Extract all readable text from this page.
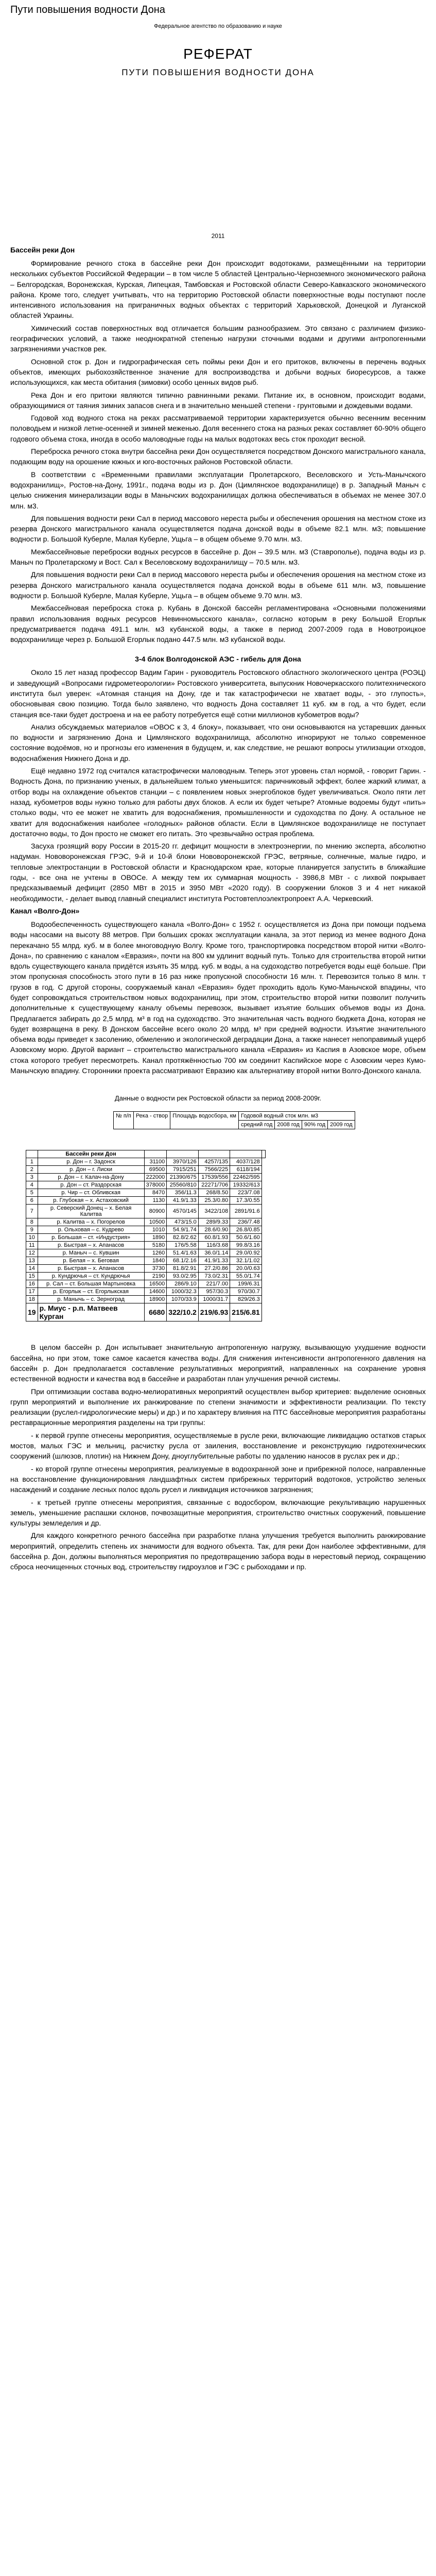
Пути повышения водности Дона
Федеральное агентство по образованию и науке
РЕФЕРАТ
ПУТИ ПОВЫШЕНИЯ ВОДНОСТИ ДОНА
2011
Бассейн реки Дон

Формирование речного стока в бассейне реки Дон происходит водотоками, размещёнными на территории нескольких субъектов Российской Федерации – в том числе 5 областей Центрально-Черноземного экономического района – Белгородская, Воронежская, Курская, Липецкая, Тамбовская и Ростовской области Северо-Кавказского экономического района. Кроме того, следует учитывать, что на территорию Ростовской области поверхностные воды поступают после интенсивного использования на приграничных водных объектах с территорий Харьковской, Донецкой и Луганской областей Украины.

Химический состав поверхностных вод отличается большим разнообразием. Это связано с различием физико-географических условий, а также неоднократной степенью нагрузки сточными водами и другими антропогенными загрязнениями участков рек.

Основной сток р. Дон и гидрографическая сеть поймы реки Дон и его притоков, включены в перечень водных объектов, имеющих рыбохозяйственное значение для воспроизводства и добычи водных биоресурсов, а также использующихся, как места обитания (зимовки) особо ценных видов рыб.

Река Дон и его притоки являются типично равнинными реками. Питание их, в основном, происходит водами, образующимися от таяния зимних запасов снега и в значительно меньшей степени - грунтовыми и дождевыми водами.

Годовой ход водного стока на реках рассматриваемой территории характеризуется обычно весенним весенним половодьем и низкой летне-осенней и зимней меженью. Доля весеннего стока на разных реках составляет 60-90% общего годового объема стока, иногда в особо маловодные годы на малых водотоках весь сток проходит весной.

Переброска речного стока внутри бассейна реки Дон осуществляется посредством Донского магистрального канала, подающим воду на орошение южных и юго-восточных районов Ростовской области.

В соответствии с «Временными правилами эксплуатации Пролетарского, Веселовского и Усть-Манычского водохранилищ», Ростов-на-Дону, 1991г., подача воды из р. Дон (Цимлянское водохранилище) в р. Западный Маныч с целью снижения минерализации воды в Манычских водохранилищах должна обеспечиваться в объемах не менее 307.0 млн. м3.

Для повышения водности реки Сал в период массового нереста рыбы и обеспечения орошения на местном стоке из резерва Донского магистрального канала осуществляется подача донской воды в объеме 82.1 млн. м3; повышение водности р. Большой Куберле, Малая Куберле, Ущьга – в общем объеме 9.70 млн. м3.

Межбассейновые переброски водных ресурсов в бассейне р. Дон – 39.5 млн. м3 (Ставрополье), подача воды из р. Маныч по Пролетарскому и Вост. Сал к Веселовскому водохранилищу – 70.5 млн. м3.

Для повышения водности реки Сал в период массового нереста рыбы и обеспечения орошения на местном стоке из резерва Донского магистрального канала осуществляется подача донской воды в объеме 611 млн. м3, повышение водности р. Большой Куберле, Малая Куберле, Ущьга – в общем объеме 9.70 млн. м3.

Межбассейновая переброска стока р. Кубань в Донской бассейн регламентирована «Основными положениями правил использования водных ресурсов Невинномысского канала», согласно которым в реку Большой Егорлык предусматривается подача 491.1 млн. м3 кубанской воды, а также в период 2007-2009 года в Новотроицкое водохранилище через р. Большой Егорлык подано 447.5 млн. м3 кубанской воды.

3-4 блок Волгодонской АЭС - гибель для Дона

Около 15 лет назад профессор Вадим Гарин - руководитель Ростовского областного экологического центра (РОЭЦ) и заведующий «Вопросами гидрометеорологии» Ростовского университета, выпускник Новочеркасского политехнического института был уверен: «Атомная станция на Дону, где и так катастрофически не хватает воды, - это глупость», обосновывая свою позицию. Тогда было заявлено, что водность Дона составляет 11 куб. км в год, а что будет, если станция все-таки будет достроена и на ее работу потребуется ещё сотни миллионов кубометров воды?

Анализ обсуждаемых материалов «ОВОС к 3, 4 блоку», показывает, что они основываются на устаревших данных по водности и загрязнению Дона и Цимлянского водохранилища, абсолютно игнорируют не только современное состояние водоёмов, но и прогнозы его изменения в будущем, и, как следствие, не решают вопросы утилизации отходов, водоснабжения Нижнего Дона и др.

Ещё недавно 1972 год считался катастрофически маловодным. Теперь этот уровень стал нормой, - говорит Гарин. - Водность Дона, по признанию ученых, в дальнейшем только уменьшится: паричниковый эффект, более жаркий климат, а отбор воды на охлаждение объектов станции – с появлением новых энергоблоков будет увеличиваться. Около пяти лет назад, кубометров воды нужно только для работы двух блоков. А если их будет четыре? Атомные водоемы будут «пить» столько воды, что ее может не хватить для водоснабжения, промышленности и судоходства по Дону. А остальное не хватит для водоснабжения наиболее «голодных» районов области. Если в Цимлянское водохранилище не поступает достаточно воды, то Дон просто не сможет его питать. Это чрезвычайно острая проблема.

Засуха грозящий вору России в 2015-20 гг. дефицит мощности в электроэнергии, по мнению эксперта, абсолютно надуман. Нововоронежская ГРЭС, 9-й и 10-й блоки Нововоронежской ГРЭС, ветряные, солнечные, малые гидро, и тепловые электростанции в Ростовской области и Краснодарском крае, которые планируется запустить в ближайшие годы, - все она не учтены в ОВОСе. А между тем их суммарная мощность - 3986,8 МВт - с лихвой покрывает предсказываемый дефицит (2850 МВт в 2015 и 3950 МВт «2020 году). В сооружении блоков 3 и 4 нет никакой необходимости, - делает вывод главный специалист института Ростовтеплоэлектропроект А.А. Черкевский.

Канал «Волго-Дон»

Водообеспеченность существующего канала «Волго-Дон» с 1952 г. осуществляется из Дона при помощи подъема воды насосами на высоту 88 метров. При больших сроках эксплуатации канала, за этот период из менее водного Дона перекачано 55 млрд. куб. м в более многоводную Волгу. Кроме того, транспортировка посредством второй нитки «Волго-Дона», по сравнению с каналом «Евразия», почти на 800 км удлинит водный путь. Только для строительства второй нитки вдоль существующего канала придётся изъять 35 млрд. куб. м воды, а на судоходство потребуется воды ещё больше. При этом пропускная способность этого пути в 16 раз ниже пропускной способности 16 млн. т. Перевозится только 8 млн. т грузов в год. С другой стороны, сооружаемый канал «Евразия» будет проходить вдоль Кумо-Манычской впадины, что будет сопровождаться строительством новых водохранилищ, при этом, строительство второй нитки позволит получить дополнительные к существующему каналу объемы перевозок, вызывает изъятие больших объемов воды из Дона. Предлагается забирать до 2,5 млрд. м³ в год на судоходство. Это значительная часть водного бюджета Дона, которая не будет возвращена в реку. В Донском бассейне всего около 20 млрд. м³ при средней водности. Изъятие значительного объема воды приведет к засолению, обмелению и экологической деградации Дона, а также нанесет непоправимый ущерб Азовскому морю. Другой вариант – строительство магистрального канала «Евразия» из Каспия в Азовское море, объем стока которого требует пересмотреть. Канал протяжённостью 700 км соединит Каспийское море с Азовским через Кумо-Манычскую впадину. Сторонники проекта рассматривают Евразию как альтернативу второй нитки Волго-Донского канала.

Данные о водности рек Ростовской области за период 2008-2009г.
№ п/п	Река - створ	Площадь водосбора, км	Годовой водный сток млн. м3			
			средний год	2008 год	90% год	2009 год
	Бассейн реки Дон					
1	р. Дон – г. Задонск	31100	3970/126	4257/135	4037/128	
2	р. Дон – г. Лиски	69500	7915/251	7566/225	6118/194	
3	р. Дон – г. Калач-на-Дону	222000	21390/675	17539/556	22462/595	
4	р. Дон – ст. Раздорская	378000	25560/810	22271/706	19332/613	
5	р. Чир – ст. Обливская	8470	356/11.3	268/8.50	223/7.08	
6	р. Глубокая – х. Астаховский	1130	41.9/1.33	25.3/0.80	17.3/0.55	
7	р. Северский Донец – х. Белая Калитва	80900	4570/145	3422/108	2891/91.6	
8	р. Калитва – х. Погорелов	10500	473/15.0	289/9.33	236/7.48	
9	р. Ольховая – с. Кудрево	1010	54.9/1.74	28.6/0.90	26.8/0.85	
10	р. Большая – ст. «Индустрия»	1890	82.8/2.62	60.8/1.93	50.6/1.60	
11	р. Быстрая – х. Апанасов	5180	176/5.58	116/3.68	99.8/3.16	
12	р. Маныч – с. Кувшин	1260	51.4/1.63	36.0/1.14	29.0/0.92	
13	р. Белая – х. Беговая	1840	68.1/2.16	41.9/1.33	32.1/1.02	
14	р. Быстрая – х. Апанасов	3730	81.8/2.91	27.2/0.86	20.0/0.63	
15	р. Кундрючья – ст. Кундрючья	2190	93.0/2.95	73.0/2.31	55.0/1.74	
16	р. Сал – ст. Большая Мартыновка	16500	286/9.10	221/7.00	199/6.31	
17	р. Егорлык – ст. Егорлыкская	14600	1000/32.3	957/30.3	970/30.7	
18	р. Манычь – с. Зерноград	18900	1070/33.9	1000/31.7	829/26.3	
19	р. Миус - р.п. Матвеев Курган	6680	322/10.2	219/6.93	215/6.81	

В целом бассейн р. Дон испытывает значительную антропогенную нагрузку, вызывающую ухудшение водности бассейна, но при этом, тоже самое касается качества воды. Для снижения интенсивности антропогенного давления на бассейн р. Дон предполагается составление результативных мероприятий, направленных на сохранение уровня естественной водности и качества вод в бассейне и разработан план улучшения речной системы.

При оптимизации состава водно-мелиоративных мероприятий осуществлен выбор критериев: выделение основных групп мероприятий и выполнение их ранжирование по степени значимости и эффективности реализации. По тексту реализации (руслел-гидрологические меры) и др.) и по характеру влияния на ПТС бассейновые мероприятия разработаны реставрационные мероприятия разделены на три группы:

- к первой группе отнесены мероприятия, осуществляемые в русле реки, включающие ликвидацию остатков старых мостов, малых ГЭС и мельниц, расчистку русла от заиления, восстановление и реконструкцию гидротехнических сооружений (шлюзов, плотин) на Нижнем Дону, дноуглубительные работы по удалению наносов в руслах рек и др.;

- ко второй группе отнесены мероприятия, реализуемые в водоохранной зоне и прибрежной полосе, направленные на восстановление функционирования ландшафтных систем прибрежных территорий водотоков, устройство зеленых насаждений и создание лесных полос вдоль русел и ликвидация источников загрязнения;

- к третьей группе отнесены мероприятия, связанные с водосбором, включающие рекультивацию нарушенных земель, уменьшение распашки склонов, почвозащитные мероприятия, строительство очистных сооружений, повышение культуры земледелия и др.

Для каждого конкретного речного бассейна при разработке плана улучшения требуется выполнить ранжирование мероприятий, определить степень их значимости для водного объекта. Так, для реки Дон наиболее эффективными, для бассейна р. Дон, должны выполняться мероприятия по предотвращению забора воды в нерестовый период, сокращению сброса неочищенных сточных вод, строительству гидроузлов и ГЭС с рыбоходами и пр.
